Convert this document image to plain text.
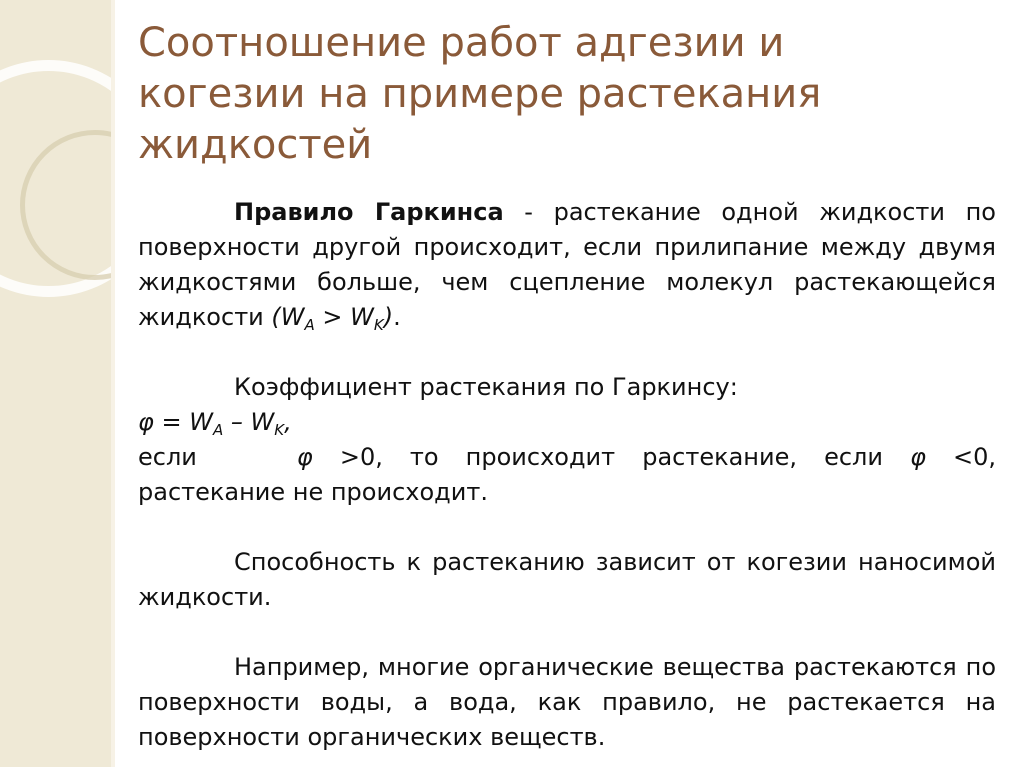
Соотношение работ адгезии и
когезии на примере растекания
жидкостей
Правило Гаркинса - растекание одной жидкости по поверхности другой происходит, если прилипание между двумя жидкостями больше, чем сцепление молекул растекающейся жидкости $(W_A > W_K)$.
Коэффициент растекания по Гаркинсу:
$\varphi = W_A - W_K$,
если	φ >0, то происходит растекание, если φ <0,
растекание не происходит.
Способность к растеканию зависит от когезии наносимой жидкости.
Например, многие органические вещества растекаются по поверхности воды, а вода, как правило, не растекается на поверхности органических веществ.
